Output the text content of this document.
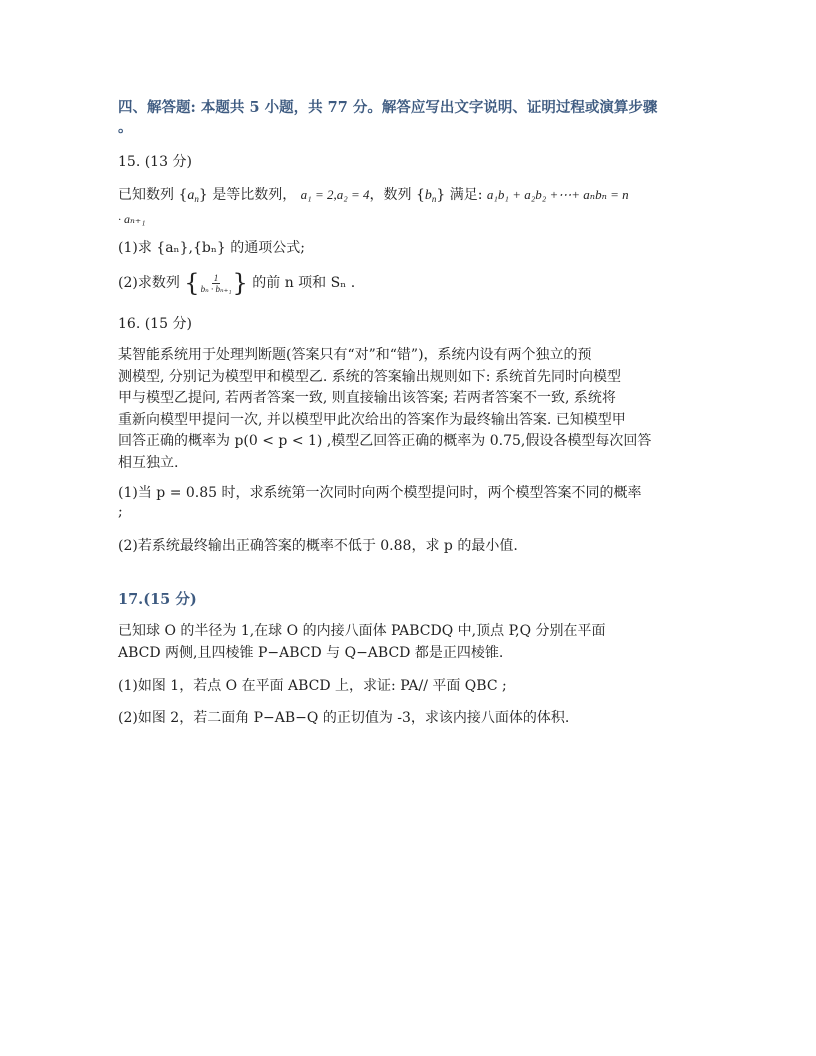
四、解答题: 本题共 5 小题，共 77 分。解答应写出文字说明、证明过程或演算步骤
。
15. (13 分)
已知数列 $\{a_n\}$ 是等比数列， a₁ = 2,a₂ = 4，数列 $\{b_n\}$ 满足: a₁b₁ + a₂b₂ +⋯+ aₙbₙ = n
· aₙ₊₁
(1)求 {aₙ},{bₙ} 的通项公式;
(2)求数列 { $\frac{1}{\text{bₙ · bₙ₊₁}}$ } 的前 n 项和 Sₙ .
16. (15 分)
某智能系统用于处理判断题(答案只有“对”和“错”)，系统内设有两个独立的预
测模型, 分别记为模型甲和模型乙. 系统的答案输出规则如下: 系统首先同时向模型
甲与模型乙提问, 若两者答案一致, 则直接输出该答案; 若两者答案不一致, 系统将
重新向模型甲提问一次, 并以模型甲此次给出的答案作为最终输出答案. 已知模型甲
回答正确的概率为 p(0 < p < 1) ,模型乙回答正确的概率为 0.75,假设各模型每次回答
相互独立.
(1)当 p = 0.85 时，求系统第一次同时向两个模型提问时，两个模型答案不同的概率
;
(2)若系统最终输出正确答案的概率不低于 0.88，求 p 的最小值.
17.(15 分)
已知球 O 的半径为 1,在球 O 的内接八面体 PABCDQ 中,顶点 P,Q 分别在平面
ABCD 两侧,且四棱锥 P−ABCD 与 Q−ABCD 都是正四棱锥.
(1)如图 1，若点 O 在平面 ABCD 上，求证: PA// 平面 QBC ;
(2)如图 2，若二面角 P−AB−Q 的正切值为 -3，求该内接八面体的体积.
